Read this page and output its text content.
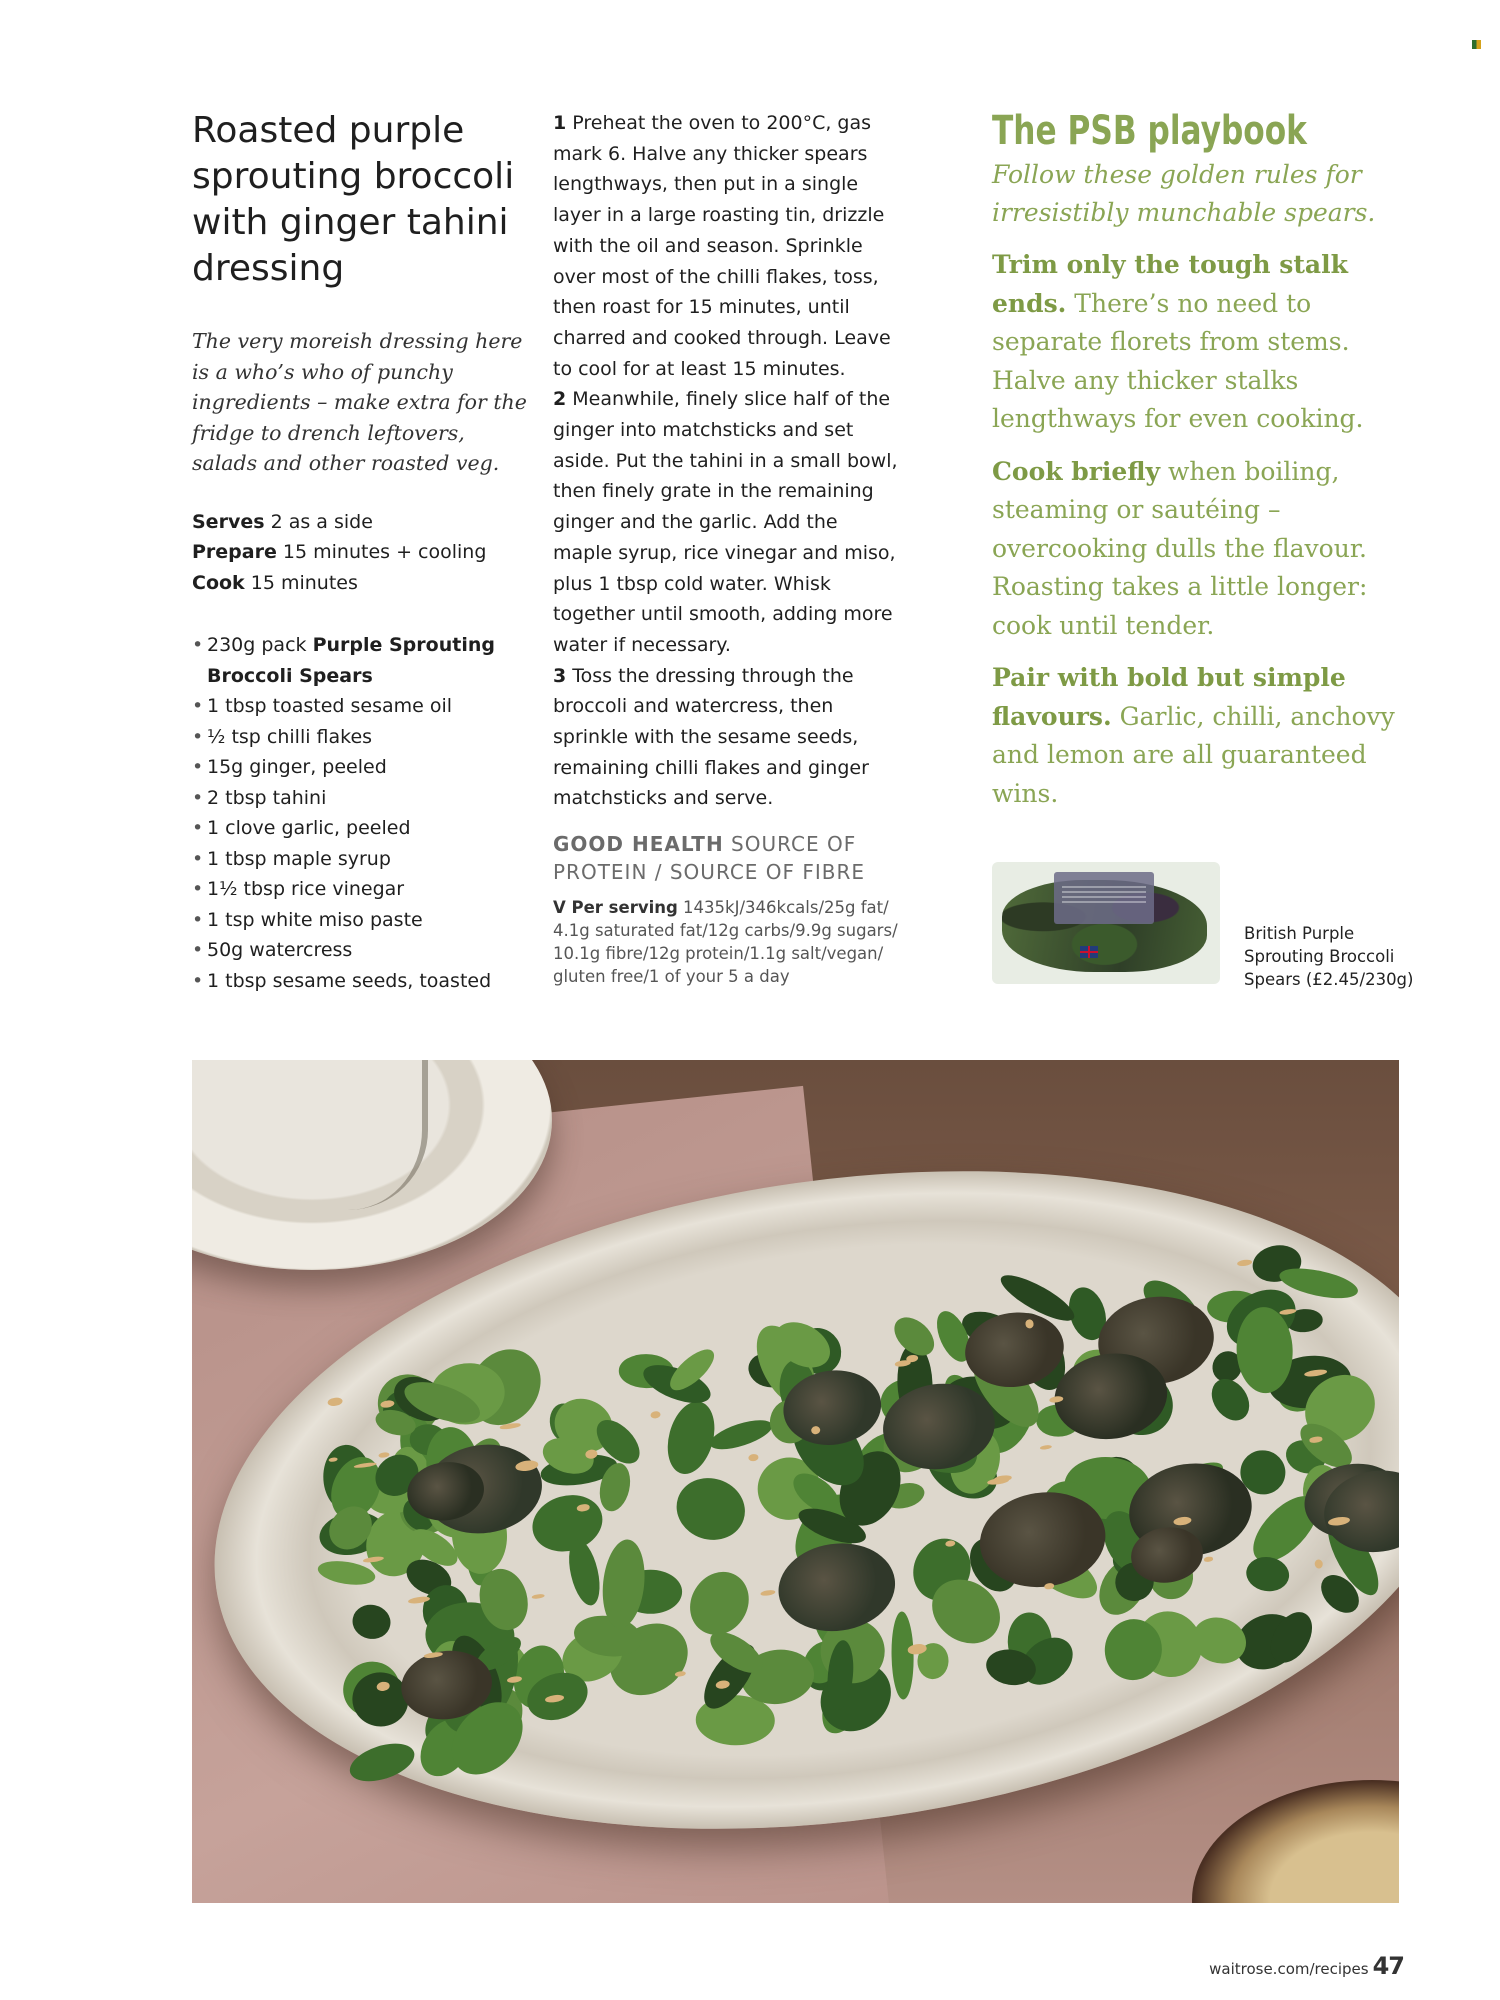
Roasted purple sprouting broccoli with ginger tahini dressing

The very moreish dressing here is a who’s who of punchy ingredients – make extra for the fridge to drench leftovers, salads and other roasted veg.

Serves 2 as a side
Prepare 15 minutes + cooling
Cook 15 minutes
• 230g pack Purple Sprouting Broccoli Spears
• 1 tbsp toasted sesame oil
• ½ tsp chilli flakes
• 15g ginger, peeled
• 2 tbsp tahini
• 1 clove garlic, peeled
• 1 tbsp maple syrup
• 1½ tbsp rice vinegar
• 1 tsp white miso paste
• 50g watercress
• 1 tbsp sesame seeds, toasted

1 Preheat the oven to 200°C, gas mark 6. Halve any thicker spears lengthways, then put in a single layer in a large roasting tin, drizzle with the oil and season. Sprinkle over most of the chilli flakes, toss, then roast for 15 minutes, until charred and cooked through. Leave to cool for at least 15 minutes.

2 Meanwhile, finely slice half of the ginger into matchsticks and set aside. Put the tahini in a small bowl, then finely grate in the remaining ginger and the garlic. Add the maple syrup, rice vinegar and miso, plus 1 tbsp cold water. Whisk together until smooth, adding more water if necessary.

3 Toss the dressing through the broccoli and watercress, then sprinkle with the sesame seeds, remaining chilli flakes and ginger matchsticks and serve.

GOOD HEALTH SOURCE OF PROTEIN / SOURCE OF FIBRE
V Per serving 1435kJ/346kcals/25g fat/ 4.1g saturated fat/12g carbs/9.9g sugars/ 10.1g fibre/12g protein/1.1g salt/vegan/ gluten free/1 of your 5 a day
The PSB playbook

Follow these golden rules for irresistibly munchable spears.

Trim only the tough stalk ends. There’s no need to separate florets from stems. Halve any thicker stalks lengthways for even cooking.

Cook briefly when boiling, steaming or sautéing – overcooking dulls the flavour. Roasting takes a little longer: cook until tender.

Pair with bold but simple flavours. Garlic, chilli, anchovy and lemon are all guaranteed wins.

British Purple Sprouting Broccoli Spears (£2.45/230g)
waitrose.com/recipes 47
